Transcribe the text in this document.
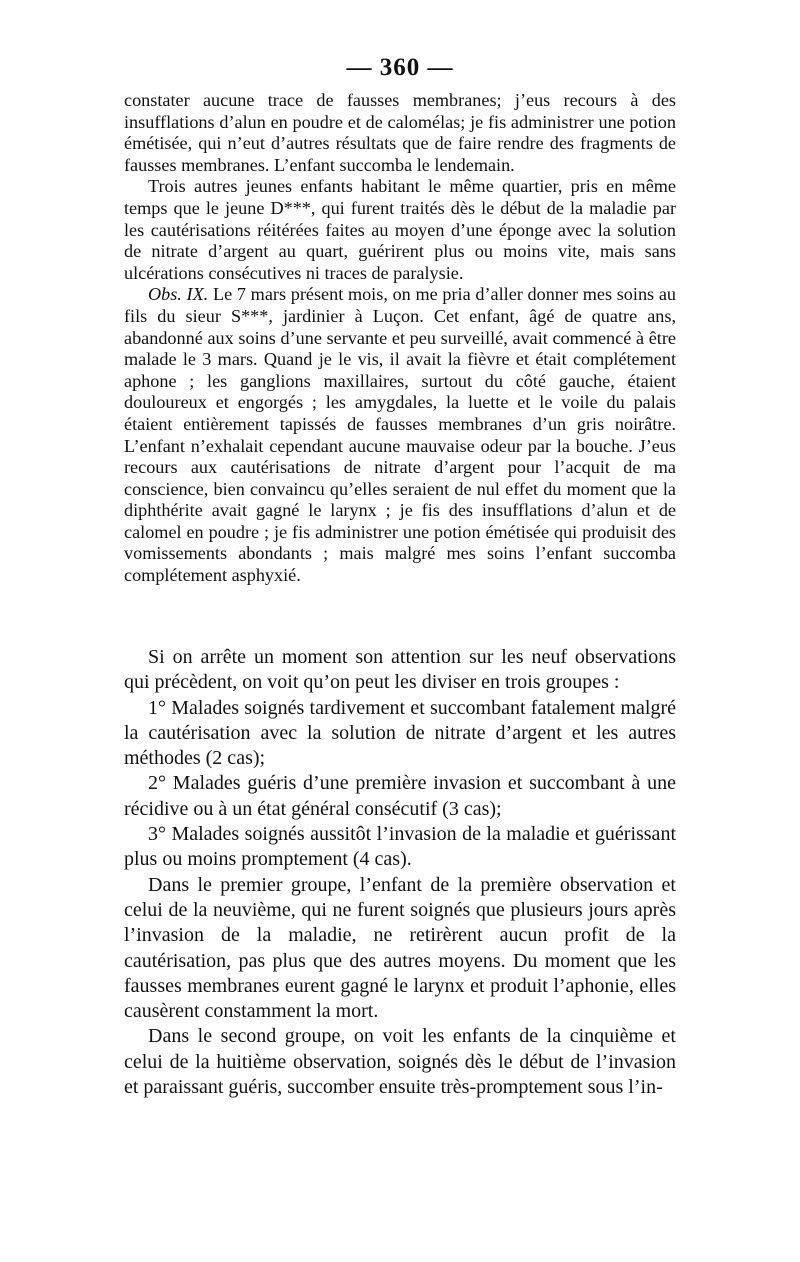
— 360 —

constater aucune trace de fausses membranes; j’eus recours à des insufflations d’alun en poudre et de calomélas; je fis administrer une potion émétisée, qui n’eut d’autres résultats que de faire rendre des fragments de fausses membranes. L’enfant succomba le lendemain.

Trois autres jeunes enfants habitant le même quartier, pris en même temps que le jeune D***, qui furent traités dès le début de la maladie par les cautérisations réitérées faites au moyen d’une éponge avec la solution de nitrate d’argent au quart, guérirent plus ou moins vite, mais sans ulcérations consécutives ni traces de paralysie.

Obs. IX. Le 7 mars présent mois, on me pria d’aller donner mes soins au fils du sieur S***, jardinier à Luçon. Cet enfant, âgé de quatre ans, abandonné aux soins d’une servante et peu surveillé, avait commencé à être malade le 3 mars. Quand je le vis, il avait la fièvre et était complétement aphone ; les ganglions maxillaires, surtout du côté gauche, étaient douloureux et engorgés ; les amygdales, la luette et le voile du palais étaient entièrement tapissés de fausses membranes d’un gris noirâtre. L’enfant n’exhalait cependant aucune mauvaise odeur par la bouche. J’eus recours aux cautérisations de nitrate d’argent pour l’acquit de ma conscience, bien convaincu qu’elles seraient de nul effet du moment que la diphthérite avait gagné le larynx ; je fis des insufflations d’alun et de calomel en poudre ; je fis administrer une potion émétisée qui produisit des vomissements abondants ; mais malgré mes soins l’enfant succomba complétement asphyxié.

Si on arrête un moment son attention sur les neuf observations qui précèdent, on voit qu’on peut les diviser en trois groupes :

1° Malades soignés tardivement et succombant fatalement malgré la cautérisation avec la solution de nitrate d’argent et les autres méthodes (2 cas);

2° Malades guéris d’une première invasion et succombant à une récidive ou à un état général consécutif (3 cas);

3° Malades soignés aussitôt l’invasion de la maladie et guérissant plus ou moins promptement (4 cas).

Dans le premier groupe, l’enfant de la première observation et celui de la neuvième, qui ne furent soignés que plusieurs jours après l’invasion de la maladie, ne retirèrent aucun profit de la cautérisation, pas plus que des autres moyens. Du moment que les fausses membranes eurent gagné le larynx et produit l’aphonie, elles causèrent constamment la mort.

Dans le second groupe, on voit les enfants de la cinquième et celui de la huitième observation, soignés dès le début de l’invasion et paraissant guéris, succomber ensuite très-promptement sous l’in-
